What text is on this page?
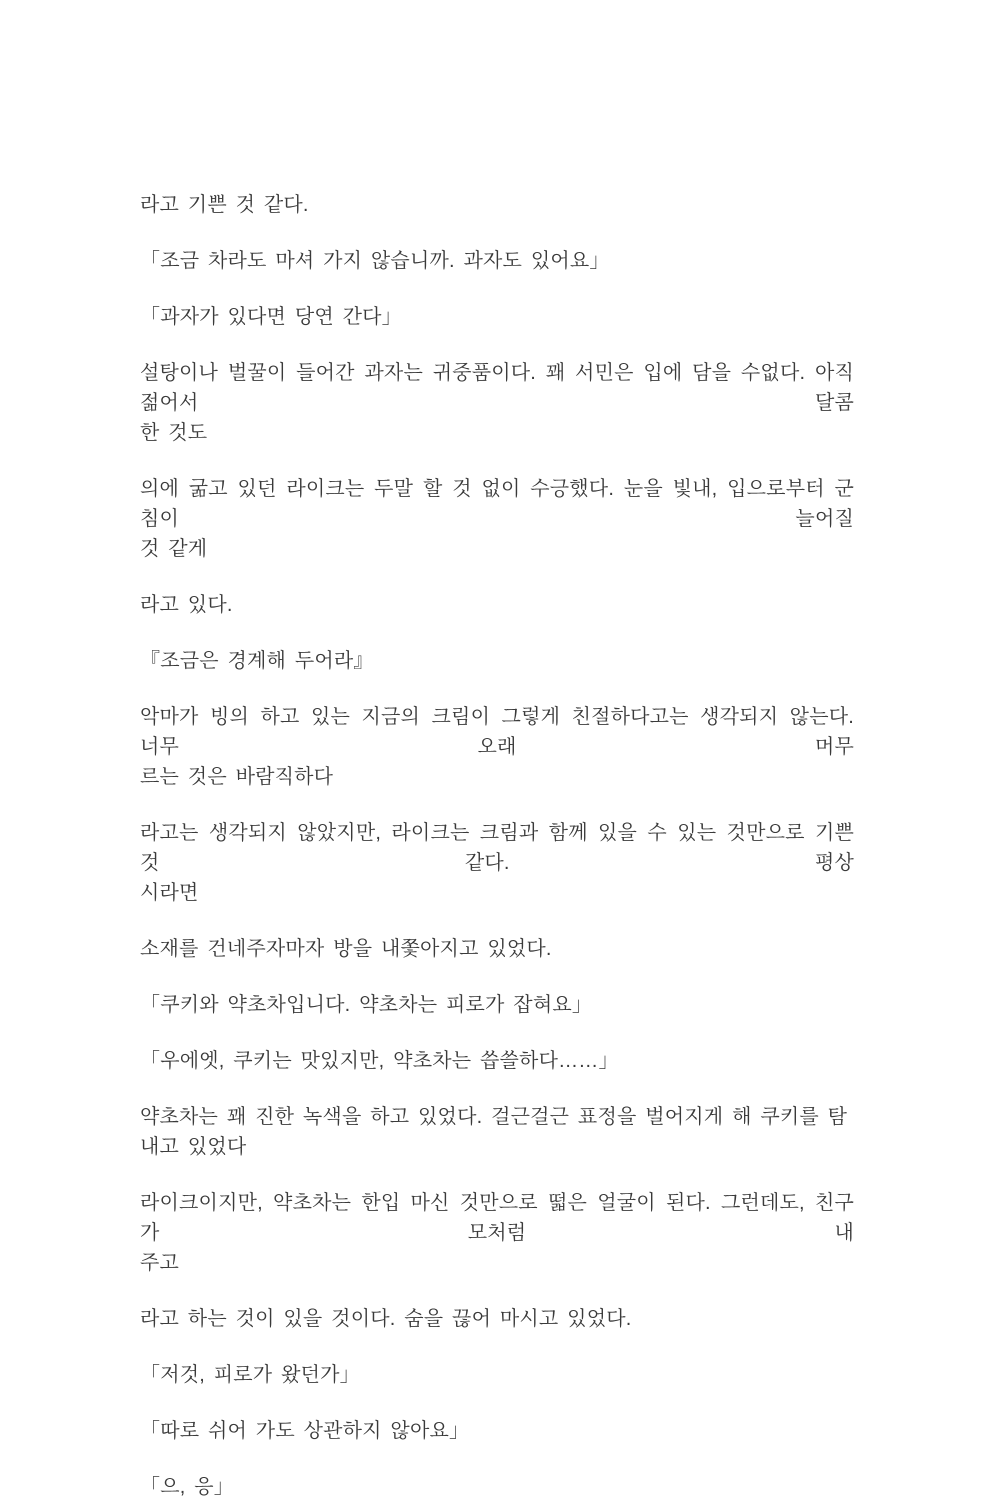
라고 기쁜 것 같다.
「조금 차라도 마셔 가지 않습니까. 과자도 있어요」
「과자가 있다면 당연 간다」
설탕이나 벌꿀이 들어간 과자는 귀중품이다. 꽤 서민은 입에 담을 수없다. 아직 젊어서 달콤
한 것도
의에 굶고 있던 라이크는 두말 할 것 없이 수긍했다. 눈을 빛내, 입으로부터 군침이 늘어질
것 같게
라고 있다.
『조금은 경계해 두어라』
악마가 빙의 하고 있는 지금의 크림이 그렇게 친절하다고는 생각되지 않는다. 너무 오래 머무
르는 것은 바람직하다
라고는 생각되지 않았지만, 라이크는 크림과 함께 있을 수 있는 것만으로 기쁜 것 같다. 평상
시라면
소재를 건네주자마자 방을 내쫓아지고 있었다.
「쿠키와 약초차입니다. 약초차는 피로가 잡혀요」
「우에엣, 쿠키는 맛있지만, 약초차는 씁쓸하다……」
약초차는 꽤 진한 녹색을 하고 있었다. 걸근걸근 표정을 벌어지게 해 쿠키를 탐내고 있었다
라이크이지만, 약초차는 한입 마신 것만으로 떫은 얼굴이 된다. 그런데도, 친구가 모처럼 내
주고
라고 하는 것이 있을 것이다. 숨을 끊어 마시고 있었다.
「저것, 피로가 왔던가」
「따로 쉬어 가도 상관하지 않아요」
「으, 응」
